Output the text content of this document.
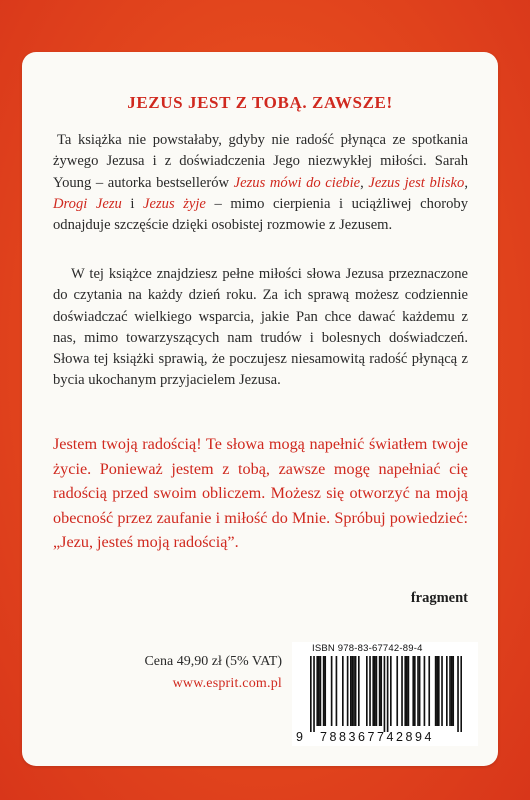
JEZUS JEST Z TOBĄ. ZAWSZE!

Ta książka nie powstałaby, gdyby nie radość płynąca ze spotkania żywego Jezusa i z doświadczenia Jego niezwykłej miłości. Sarah Young – autorka bestsellerów Jezus mówi do ciebie, Jezus jest blisko, Drogi Jezu i Jezus żyje – mimo cierpienia i uciążliwej choroby odnajduje szczęście dzięki osobistej rozmowie z Jezusem.

W tej książce znajdziesz pełne miłości słowa Jezusa przeznaczone do czytania na każdy dzień roku. Za ich sprawą możesz codziennie doświadczać wielkiego wsparcia, jakie Pan chce dawać każdemu z nas, mimo towarzyszących nam trudów i bolesnych doświadczeń. Słowa tej książki sprawią, że poczujesz niesamowitą radość płynącą z bycia ukochanym przyjacielem Jezusa.

Jestem twoją radością! Te słowa mogą napełnić światłem twoje życie. Ponieważ jestem z tobą, zawsze mogę napełniać cię radością przed swoim obliczem. Możesz się otworzyć na moją obecność przez zaufanie i miłość do Mnie. Spróbuj powiedzieć: „Jezu, jesteś moją radością”.

fragment
Cena 49,90 zł (5% VAT)
www.esprit.com.pl
ISBN 978-83-67742-89-4
9 788367742894
